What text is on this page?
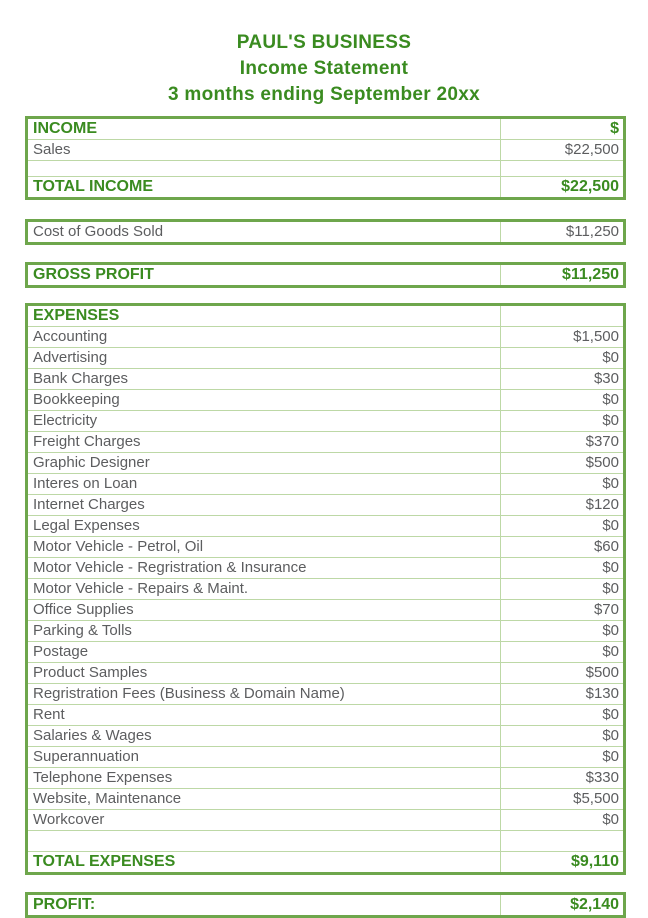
PAUL'S BUSINESS
Income Statement
3 months ending September 20xx
INCOME	$
Sales	$22,500
TOTAL INCOME	$22,500
Cost of Goods Sold	$11,250
GROSS PROFIT	$11,250
EXPENSES
Accounting	$1,500
Advertising	$0
Bank Charges	$30
Bookkeeping	$0
Electricity	$0
Freight Charges	$370
Graphic Designer	$500
Interes on Loan	$0
Internet Charges	$120
Legal Expenses	$0
Motor Vehicle - Petrol, Oil	$60
Motor Vehicle - Regristration & Insurance	$0
Motor Vehicle - Repairs & Maint.	$0
Office Supplies	$70
Parking & Tolls	$0
Postage	$0
Product Samples	$500
Regristration Fees (Business & Domain Name)	$130
Rent	$0
Salaries & Wages	$0
Superannuation	$0
Telephone Expenses	$330
Website, Maintenance	$5,500
Workcover	$0
TOTAL EXPENSES	$9,110
PROFIT:	$2,140
